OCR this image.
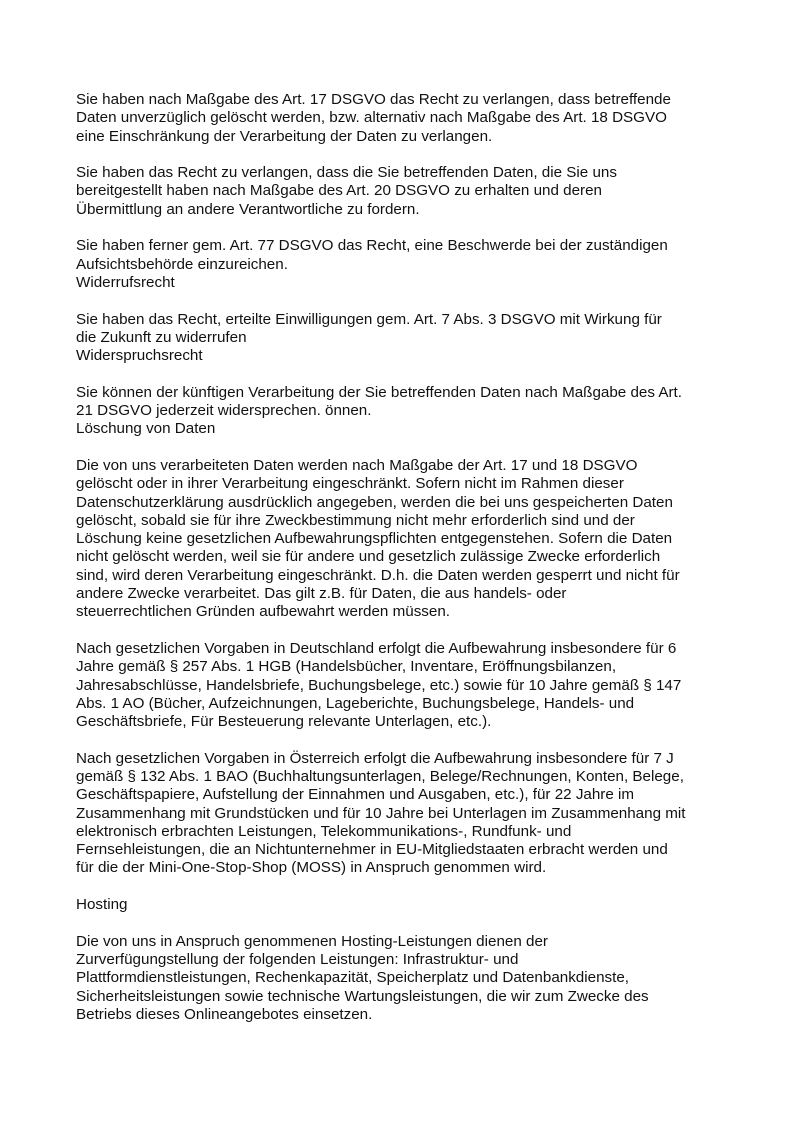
Sie haben nach Maßgabe des Art. 17 DSGVO das Recht zu verlangen, dass betreffende
Daten unverzüglich gelöscht werden, bzw. alternativ nach Maßgabe des Art. 18 DSGVO
eine Einschränkung der Verarbeitung der Daten zu verlangen.
Sie haben das Recht zu verlangen, dass die Sie betreffenden Daten, die Sie uns
bereitgestellt haben nach Maßgabe des Art. 20 DSGVO zu erhalten und deren
Übermittlung an andere Verantwortliche zu fordern.
Sie haben ferner gem. Art. 77 DSGVO das Recht, eine Beschwerde bei der zuständigen
Aufsichtsbehörde einzureichen.
Widerrufsrecht
Sie haben das Recht, erteilte Einwilligungen gem. Art. 7 Abs. 3 DSGVO mit Wirkung für
die Zukunft zu widerrufen
Widerspruchsrecht
Sie können der künftigen Verarbeitung der Sie betreffenden Daten nach Maßgabe des Art.
21 DSGVO jederzeit widersprechen. önnen.
Löschung von Daten
Die von uns verarbeiteten Daten werden nach Maßgabe der Art. 17 und 18 DSGVO
gelöscht oder in ihrer Verarbeitung eingeschränkt. Sofern nicht im Rahmen dieser
Datenschutzerklärung ausdrücklich angegeben, werden die bei uns gespeicherten Daten
gelöscht, sobald sie für ihre Zweckbestimmung nicht mehr erforderlich sind und der
Löschung keine gesetzlichen Aufbewahrungspflichten entgegenstehen. Sofern die Daten
nicht gelöscht werden, weil sie für andere und gesetzlich zulässige Zwecke erforderlich
sind, wird deren Verarbeitung eingeschränkt. D.h. die Daten werden gesperrt und nicht für
andere Zwecke verarbeitet. Das gilt z.B. für Daten, die aus handels- oder
steuerrechtlichen Gründen aufbewahrt werden müssen.
Nach gesetzlichen Vorgaben in Deutschland erfolgt die Aufbewahrung insbesondere für 6
Jahre gemäß § 257 Abs. 1 HGB (Handelsbücher, Inventare, Eröffnungsbilanzen,
Jahresabschlüsse, Handelsbriefe, Buchungsbelege, etc.) sowie für 10 Jahre gemäß § 147
Abs. 1 AO (Bücher, Aufzeichnungen, Lageberichte, Buchungsbelege, Handels- und
Geschäftsbriefe, Für Besteuerung relevante Unterlagen, etc.).
Nach gesetzlichen Vorgaben in Österreich erfolgt die Aufbewahrung insbesondere für 7 J
gemäß § 132 Abs. 1 BAO (Buchhaltungsunterlagen, Belege/Rechnungen, Konten, Belege,
Geschäftspapiere, Aufstellung der Einnahmen und Ausgaben, etc.), für 22 Jahre im
Zusammenhang mit Grundstücken und für 10 Jahre bei Unterlagen im Zusammenhang mit
elektronisch erbrachten Leistungen, Telekommunikations-, Rundfunk- und
Fernsehleistungen, die an Nichtunternehmer in EU-Mitgliedstaaten erbracht werden und
für die der Mini-One-Stop-Shop (MOSS) in Anspruch genommen wird.
Hosting
Die von uns in Anspruch genommenen Hosting-Leistungen dienen der
Zurverfügungstellung der folgenden Leistungen: Infrastruktur- und
Plattformdienstleistungen, Rechenkapazität, Speicherplatz und Datenbankdienste,
Sicherheitsleistungen sowie technische Wartungsleistungen, die wir zum Zwecke des
Betriebs dieses Onlineangebotes einsetzen.
